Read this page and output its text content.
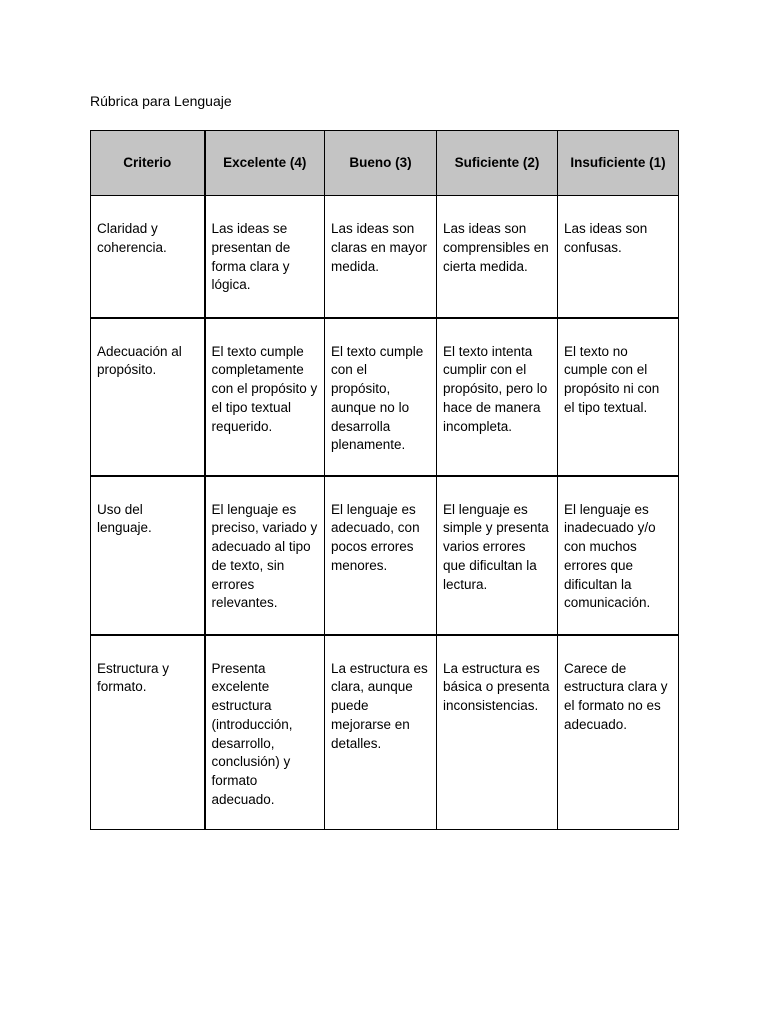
Rúbrica para Lenguaje

Criterio	Excelente (4)	Bueno (3)	Suficiente (2)	Insuficiente (1)
Claridad y coherencia.	Las ideas se presentan de forma clara y lógica.	Las ideas son claras en mayor medida.	Las ideas son comprensibles en cierta medida.	Las ideas son confusas.
Adecuación al propósito.	El texto cumple completamente con el propósito y el tipo textual requerido.	El texto cumple con el propósito, aunque no lo desarrolla plenamente.	El texto intenta cumplir con el propósito, pero lo hace de manera incompleta.	El texto no cumple con el propósito ni con el tipo textual.
Uso del lenguaje.	El lenguaje es preciso, variado y adecuado al tipo de texto, sin errores relevantes.	El lenguaje es adecuado, con pocos errores menores.	El lenguaje es simple y presenta varios errores que dificultan la lectura.	El lenguaje es inadecuado y/o con muchos errores que dificultan la comunicación.
Estructura y formato.	Presenta excelente estructura (introducción, desarrollo, conclusión) y formato adecuado.	La estructura es clara, aunque puede mejorarse en detalles.	La estructura es básica o presenta inconsistencias.	Carece de estructura clara y el formato no es adecuado.
